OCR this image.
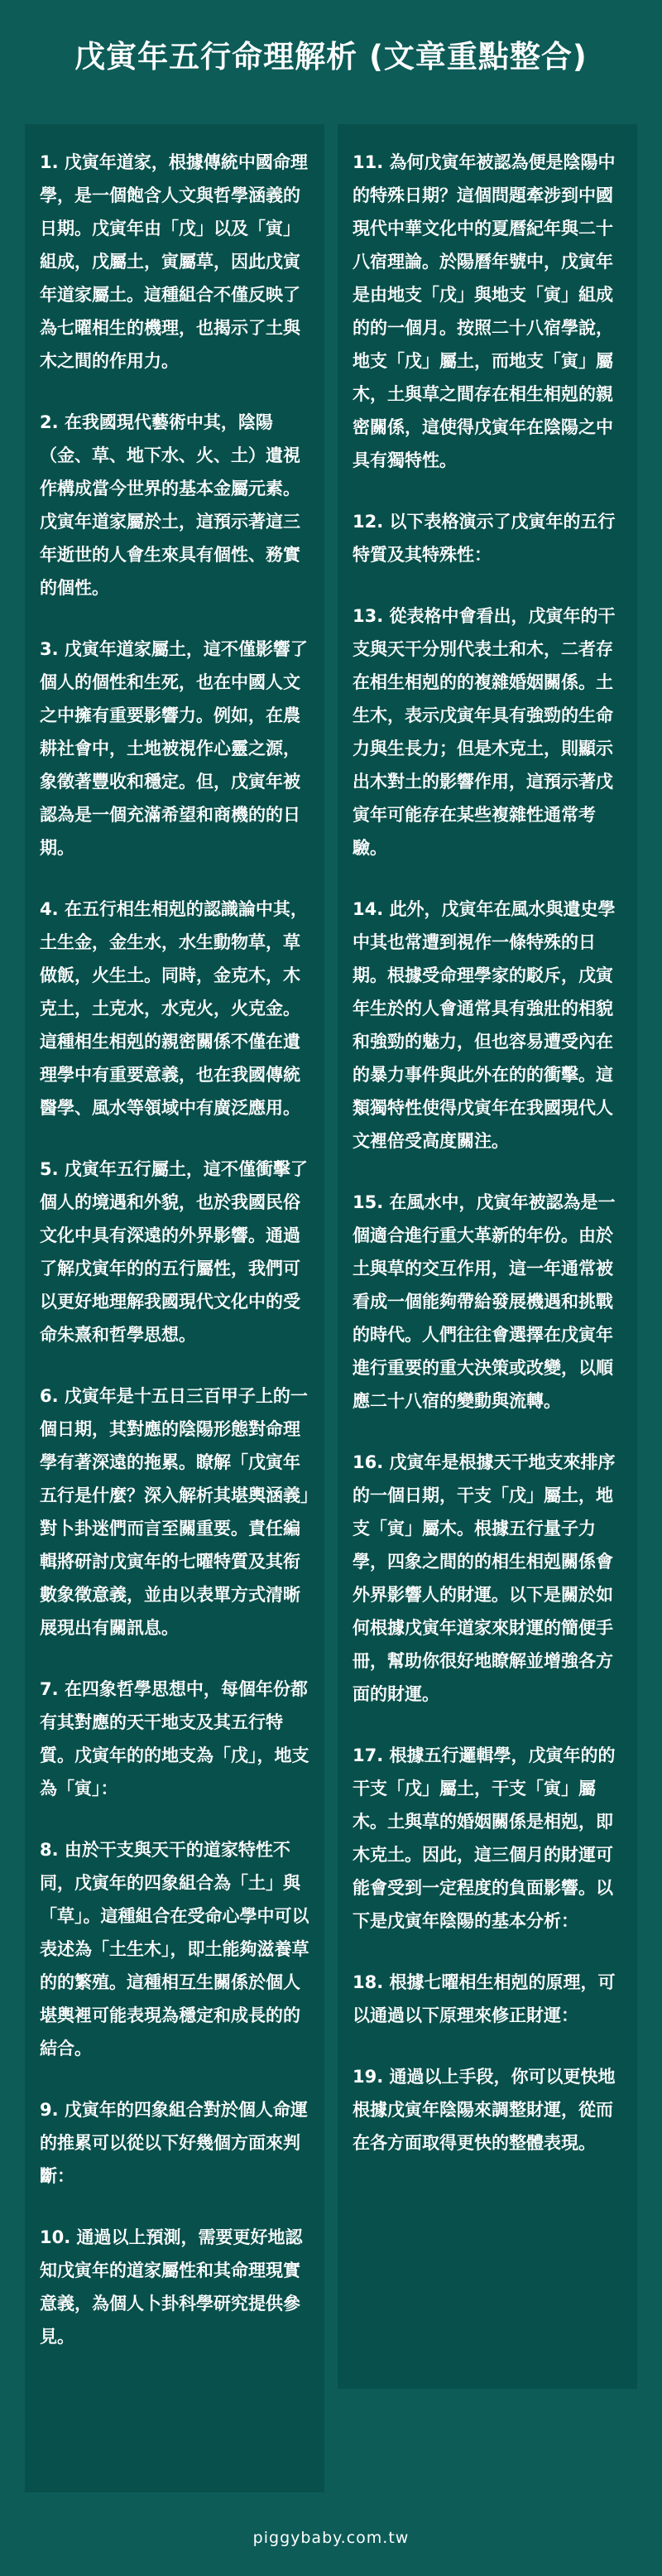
戊寅年五行命理解析 (文章重點整合)

1. 戊寅年道家，根據傳統中國命理學，是一個飽含人文與哲學涵義的日期。戊寅年由「戊」以及「寅」組成，戊屬土，寅屬草，因此戊寅年道家屬土。這種組合不僅反映了為七曜相生的機理，也揭示了土與木之間的作用力。

2. 在我國現代藝術中其，陰陽（金、草、地下水、火、土）遺視作構成當今世界的基本金屬元素。戊寅年道家屬於土，這預示著這三年逝世的人會生來具有個性、務實的個性。

3. 戊寅年道家屬土，這不僅影響了個人的個性和生死，也在中國人文之中擁有重要影響力。例如，在農耕社會中，土地被視作心靈之源，象徵著豐收和穩定。但，戊寅年被認為是一個充滿希望和商機的的日期。

4. 在五行相生相剋的認識論中其，土生金，金生水，水生動物草，草做飯，火生土。同時，金克木，木克土，土克水，水克火，火克金。這種相生相剋的親密關係不僅在遺理學中有重要意義，也在我國傳統醫學、風水等領域中有廣泛應用。

5. 戊寅年五行屬土，這不僅衝擊了個人的境遇和外貌，也於我國民俗文化中具有深遠的外界影響。通過了解戊寅年的的五行屬性，我們可以更好地理解我國現代文化中的受命朱熹和哲學思想。

6. 戊寅年是十五日三百甲子上的一個日期，其對應的陰陽形態對命理學有著深遠的拖累。瞭解「戊寅年五行是什麼？深入解析其堪輿涵義」對卜卦迷們而言至關重要。責任編輯將研討戊寅年的七曜特質及其衔數象徵意義，並由以表單方式清晰展現出有關訊息。

7. 在四象哲學思想中，每個年份都有其對應的天干地支及其五行特質。戊寅年的的地支為「戊」，地支為「寅」：

8. 由於干支與天干的道家特性不同，戊寅年的四象組合為「土」與「草」。這種組合在受命心學中可以表述為「土生木」，即土能夠滋養草的的繁殖。這種相互生關係於個人堪輿裡可能表現為穩定和成長的的結合。

9. 戊寅年的四象組合對於個人命運的推累可以從以下好幾個方面來判斷：

10. 通過以上預測，需要更好地認知戊寅年的道家屬性和其命理現實意義，為個人卜卦科學研究提供參見。

11. 為何戊寅年被認為便是陰陽中的特殊日期？這個問題牽涉到中國現代中華文化中的夏曆紀年與二十八宿理論。於陽曆年號中，戊寅年是由地支「戊」與地支「寅」組成的的一個月。按照二十八宿學說，地支「戊」屬土，而地支「寅」屬木，土與草之間存在相生相剋的親密關係，這使得戊寅年在陰陽之中具有獨特性。

12. 以下表格演示了戊寅年的五行特質及其特殊性：

13. 從表格中會看出，戊寅年的干支與天干分別代表土和木，二者存在相生相剋的的複雜婚姻關係。土生木，表示戊寅年具有強勁的生命力與生長力；但是木克土，則顯示出木對土的影響作用，這預示著戊寅年可能存在某些複雜性通常考驗。

14. 此外，戊寅年在風水與遺史學中其也常遭到視作一條特殊的日期。根據受命理學家的駁斥，戊寅年生於的人會通常具有強壯的相貌和強勁的魅力，但也容易遭受內在的暴力事件與此外在的的衝擊。這類獨特性使得戊寅年在我國現代人文裡倍受高度關注。

15. 在風水中，戊寅年被認為是一個適合進行重大革新的年份。由於土與草的交互作用，這一年通常被看成一個能夠帶給發展機遇和挑戰的時代。人們往往會選擇在戊寅年進行重要的重大決策或改變，以順應二十八宿的變動與流轉。

16. 戊寅年是根據天干地支來排序的一個日期，干支「戊」屬土，地支「寅」屬木。根據五行量子力學，四象之間的的相生相剋關係會外界影響人的財運。以下是關於如何根據戊寅年道家來財運的簡便手冊，幫助你很好地瞭解並增強各方面的財運。

17. 根據五行邏輯學，戊寅年的的干支「戊」屬土，干支「寅」屬木。土與草的婚姻關係是相剋，即木克土。因此，這三個月的財運可能會受到一定程度的負面影響。以下是戊寅年陰陽的基本分析：

18. 根據七曜相生相剋的原理，可以通過以下原理來修正財運：

19. 通過以上手段，你可以更快地根據戊寅年陰陽來調整財運，從而在各方面取得更快的整體表現。

piggybaby.com.tw
